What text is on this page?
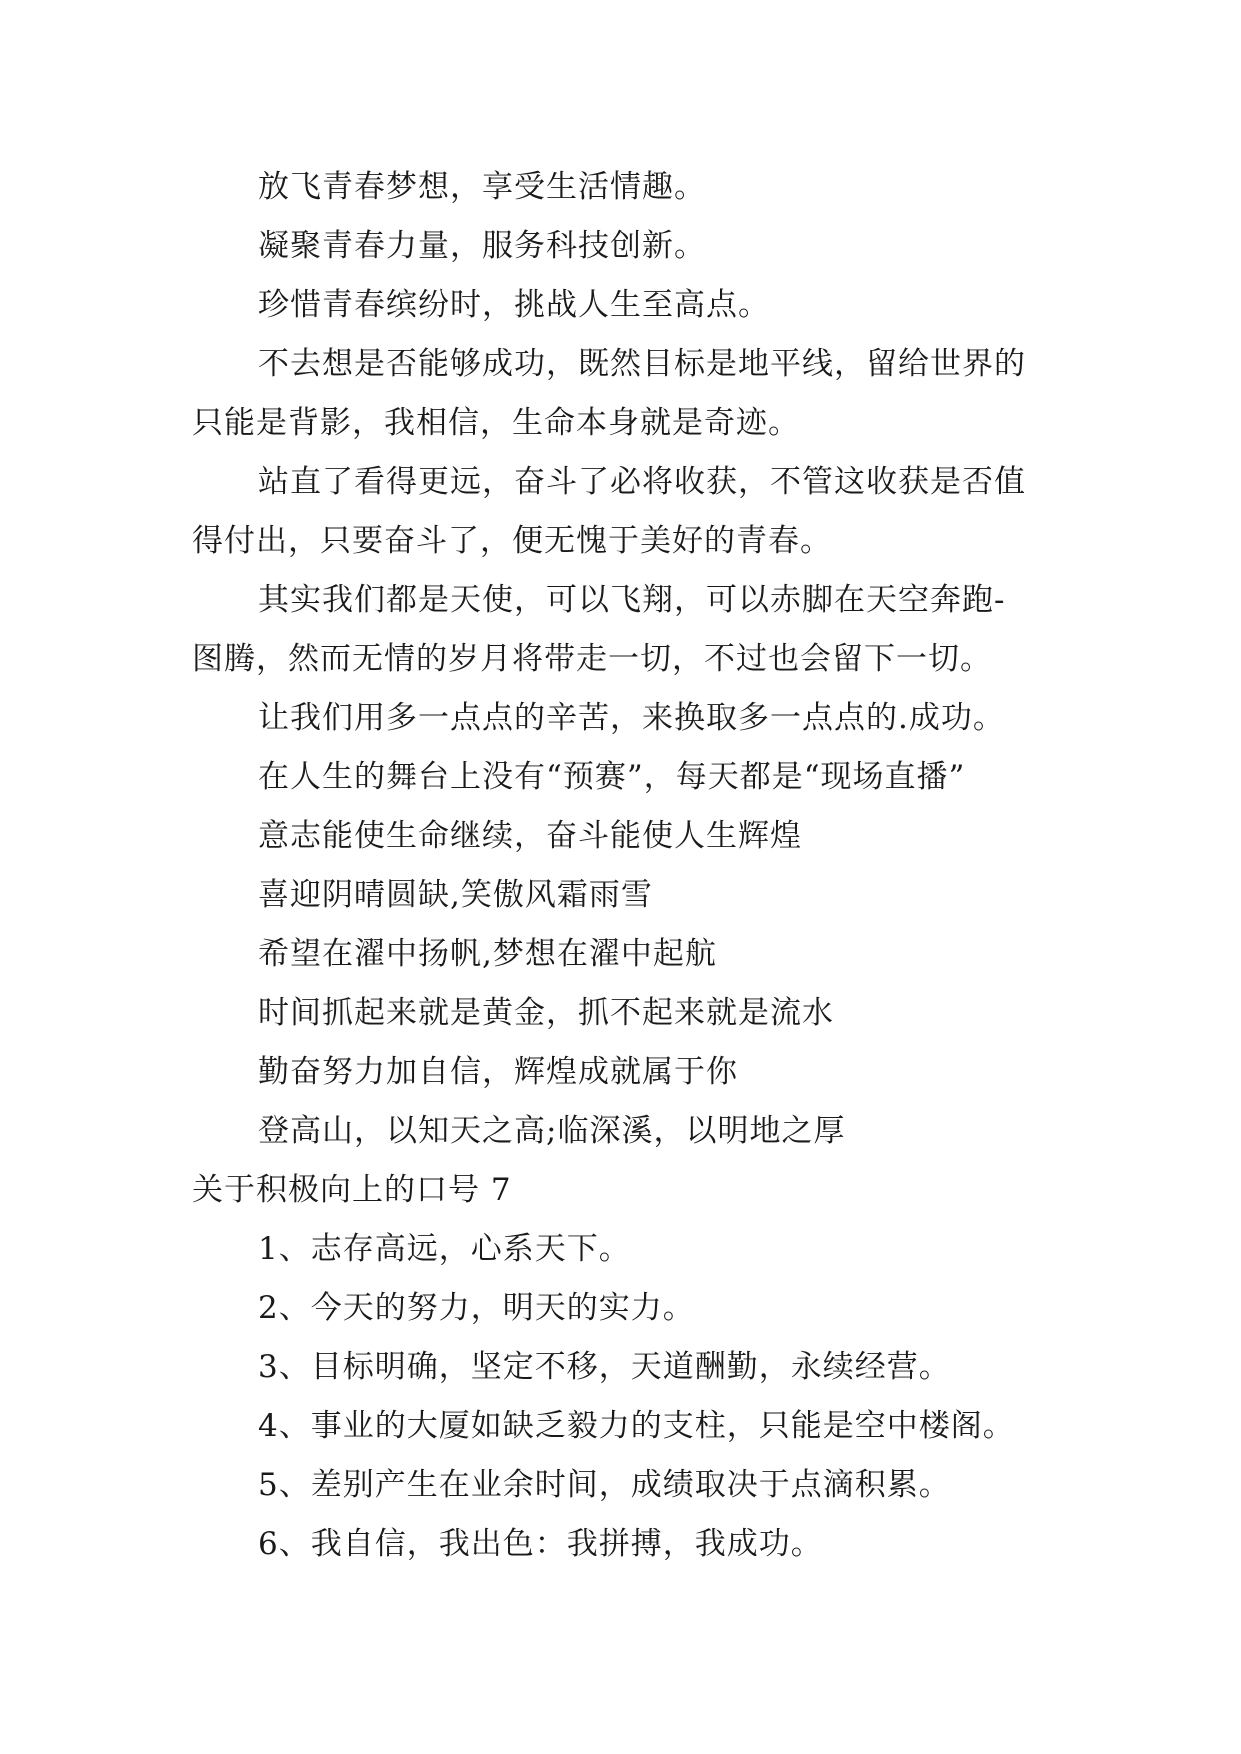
放飞青春梦想，享受生活情趣。
凝聚青春力量，服务科技创新。
珍惜青春缤纷时，挑战人生至高点。
不去想是否能够成功，既然目标是地平线，留给世界的
只能是背影，我相信，生命本身就是奇迹。
站直了看得更远，奋斗了必将收获，不管这收获是否值
得付出，只要奋斗了，便无愧于美好的青春。
其实我们都是天使，可以飞翔，可以赤脚在天空奔跑-
图腾，然而无情的岁月将带走一切，不过也会留下一切。
让我们用多一点点的辛苦，来换取多一点点的.成功。
在人生的舞台上没有“预赛”，每天都是“现场直播”
意志能使生命继续，奋斗能使人生辉煌
喜迎阴晴圆缺,笑傲风霜雨雪
希望在濯中扬帆,梦想在濯中起航
时间抓起来就是黄金，抓不起来就是流水
勤奋努力加自信，辉煌成就属于你
登高山，以知天之高;临深溪，以明地之厚
关于积极向上的口号 7
1、志存高远，心系天下。
2、今天的努力，明天的实力。
3、目标明确，坚定不移，天道酬勤，永续经营。
4、事业的大厦如缺乏毅力的支柱，只能是空中楼阁。
5、差别产生在业余时间，成绩取决于点滴积累。
6、我自信，我出色：我拼搏，我成功。
